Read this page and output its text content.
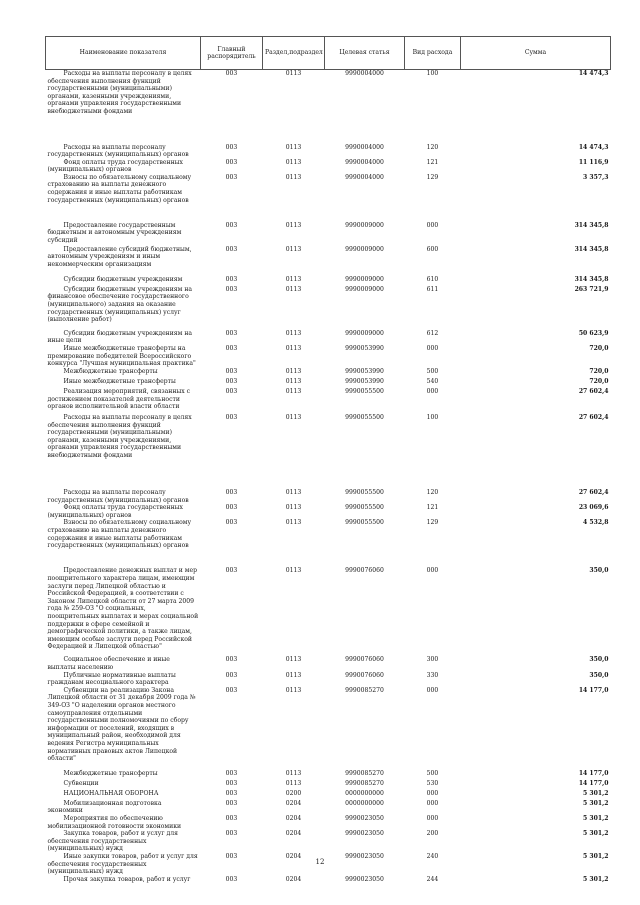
Наименование показателя	Главный распорядитель	Раздел,подраздел	Целевая статья	Вид расхода	Сумма
Расходы на выплаты персоналу в целях обеспечения выполнения функций государственными (муниципальными) органами, казенными учреждениями, органами управления государственными внебюджетными фондами	003	0113	9990004000	100	14 474,3
Расходы на выплаты персоналу государственных (муниципальных) органов	003	0113	9990004000	120	14 474,3
Фонд оплаты труда государственных (муниципальных) органов	003	0113	9990004000	121	11 116,9
Взносы по обязательному социальному страхованию на выплаты денежного содержания и иные выплаты работникам государственных (муниципальных) органов	003	0113	9990004000	129	3 357,3
Предоставление государственным бюджетным и автономным учреждениям субсидий	003	0113	9990009000	000	314 345,8
Предоставление субсидий бюджетным, автономным учреждениям и иным некоммерческим организациям	003	0113	9990009000	600	314 345,8
Субсидии бюджетным учреждениям	003	0113	9990009000	610	314 345,8
Субсидии бюджетным учреждениям на финансовое обеспечение государственного (муниципального) задания на оказание государственных (муниципальных) услуг (выполнение работ)	003	0113	9990009000	611	263 721,9
Субсидии бюджетным учреждениям на иные цели	003	0113	9990009000	612	50 623,9
Иные межбюджетные трансферты на премирование победителей Всероссийского конкурса "Лучшая муниципальная практика"	003	0113	9990053990	000	720,0
Межбюджетные трансферты	003	0113	9990053990	500	720,0
Иные межбюджетные трансферты	003	0113	9990053990	540	720,0
Реализация мероприятий, связанных с достижением показателей деятельности органов исполнительной власти области	003	0113	9990055500	000	27 602,4
Расходы на выплаты персоналу в целях обеспечения выполнения функций государственными (муниципальными) органами, казенными учреждениями, органами управления государственными внебюджетными фондами	003	0113	9990055500	100	27 602,4
Расходы на выплаты персоналу государственных (муниципальных) органов	003	0113	9990055500	120	27 602,4
Фонд оплаты труда государственных (муниципальных) органов	003	0113	9990055500	121	23 069,6
Взносы по обязательному социальному страхованию на выплаты денежного содержания и иные выплаты работникам государственных (муниципальных) органов	003	0113	9990055500	129	4 532,8
Предоставление денежных выплат и мер поощрительного характера лицам, имеющим заслуги перед Липецкой областью и Российской Федерацией, в соответствии с Законом Липецкой области от 27 марта 2009 года № 259-ОЗ "О социальных, поощрительных выплатах и мерах социальной поддержки в сфере семейной и демографической политики, а также лицам, имеющим особые заслуги перед Российской Федерацией и Липецкой областью"	003	0113	9990076060	000	350,0
Социальное обеспечение и иные выплаты населению	003	0113	9990076060	300	350,0
Публичные нормативные выплаты гражданам несоциального характера	003	0113	9990076060	330	350,0
Субвенции на реализацию Закона Липецкой области от 31 декабря 2009 года № 349-ОЗ "О наделении органов местного самоуправления отдельными государственными полномочиями по сбору информации от поселений, входящих в муниципальный район, необходимой для ведения Регистра муниципальных нормативных правовых актов Липецкой области"	003	0113	9990085270	000	14 177,0
Межбюджетные трансферты	003	0113	9990085270	500	14 177,0
Субвенции	003	0113	9990085270	530	14 177,0
НАЦИОНАЛЬНАЯ ОБОРОНА	003	0200	0000000000	000	5 301,2
Мобилизационная подготовка экономики	003	0204	0000000000	000	5 301,2
Мероприятия по обеспечению мобилизационной готовности экономики	003	0204	9990023050	000	5 301,2
Закупка товаров, работ и услуг для обеспечения государственных (муниципальных) нужд	003	0204	9990023050	200	5 301,2
Иные закупки товаров, работ и услуг для обеспечения государственных (муниципальных) нужд	003	0204	9990023050	240	5 301,2
Прочая закупка товаров, работ и услуг	003	0204	9990023050	244	5 301,2
12
